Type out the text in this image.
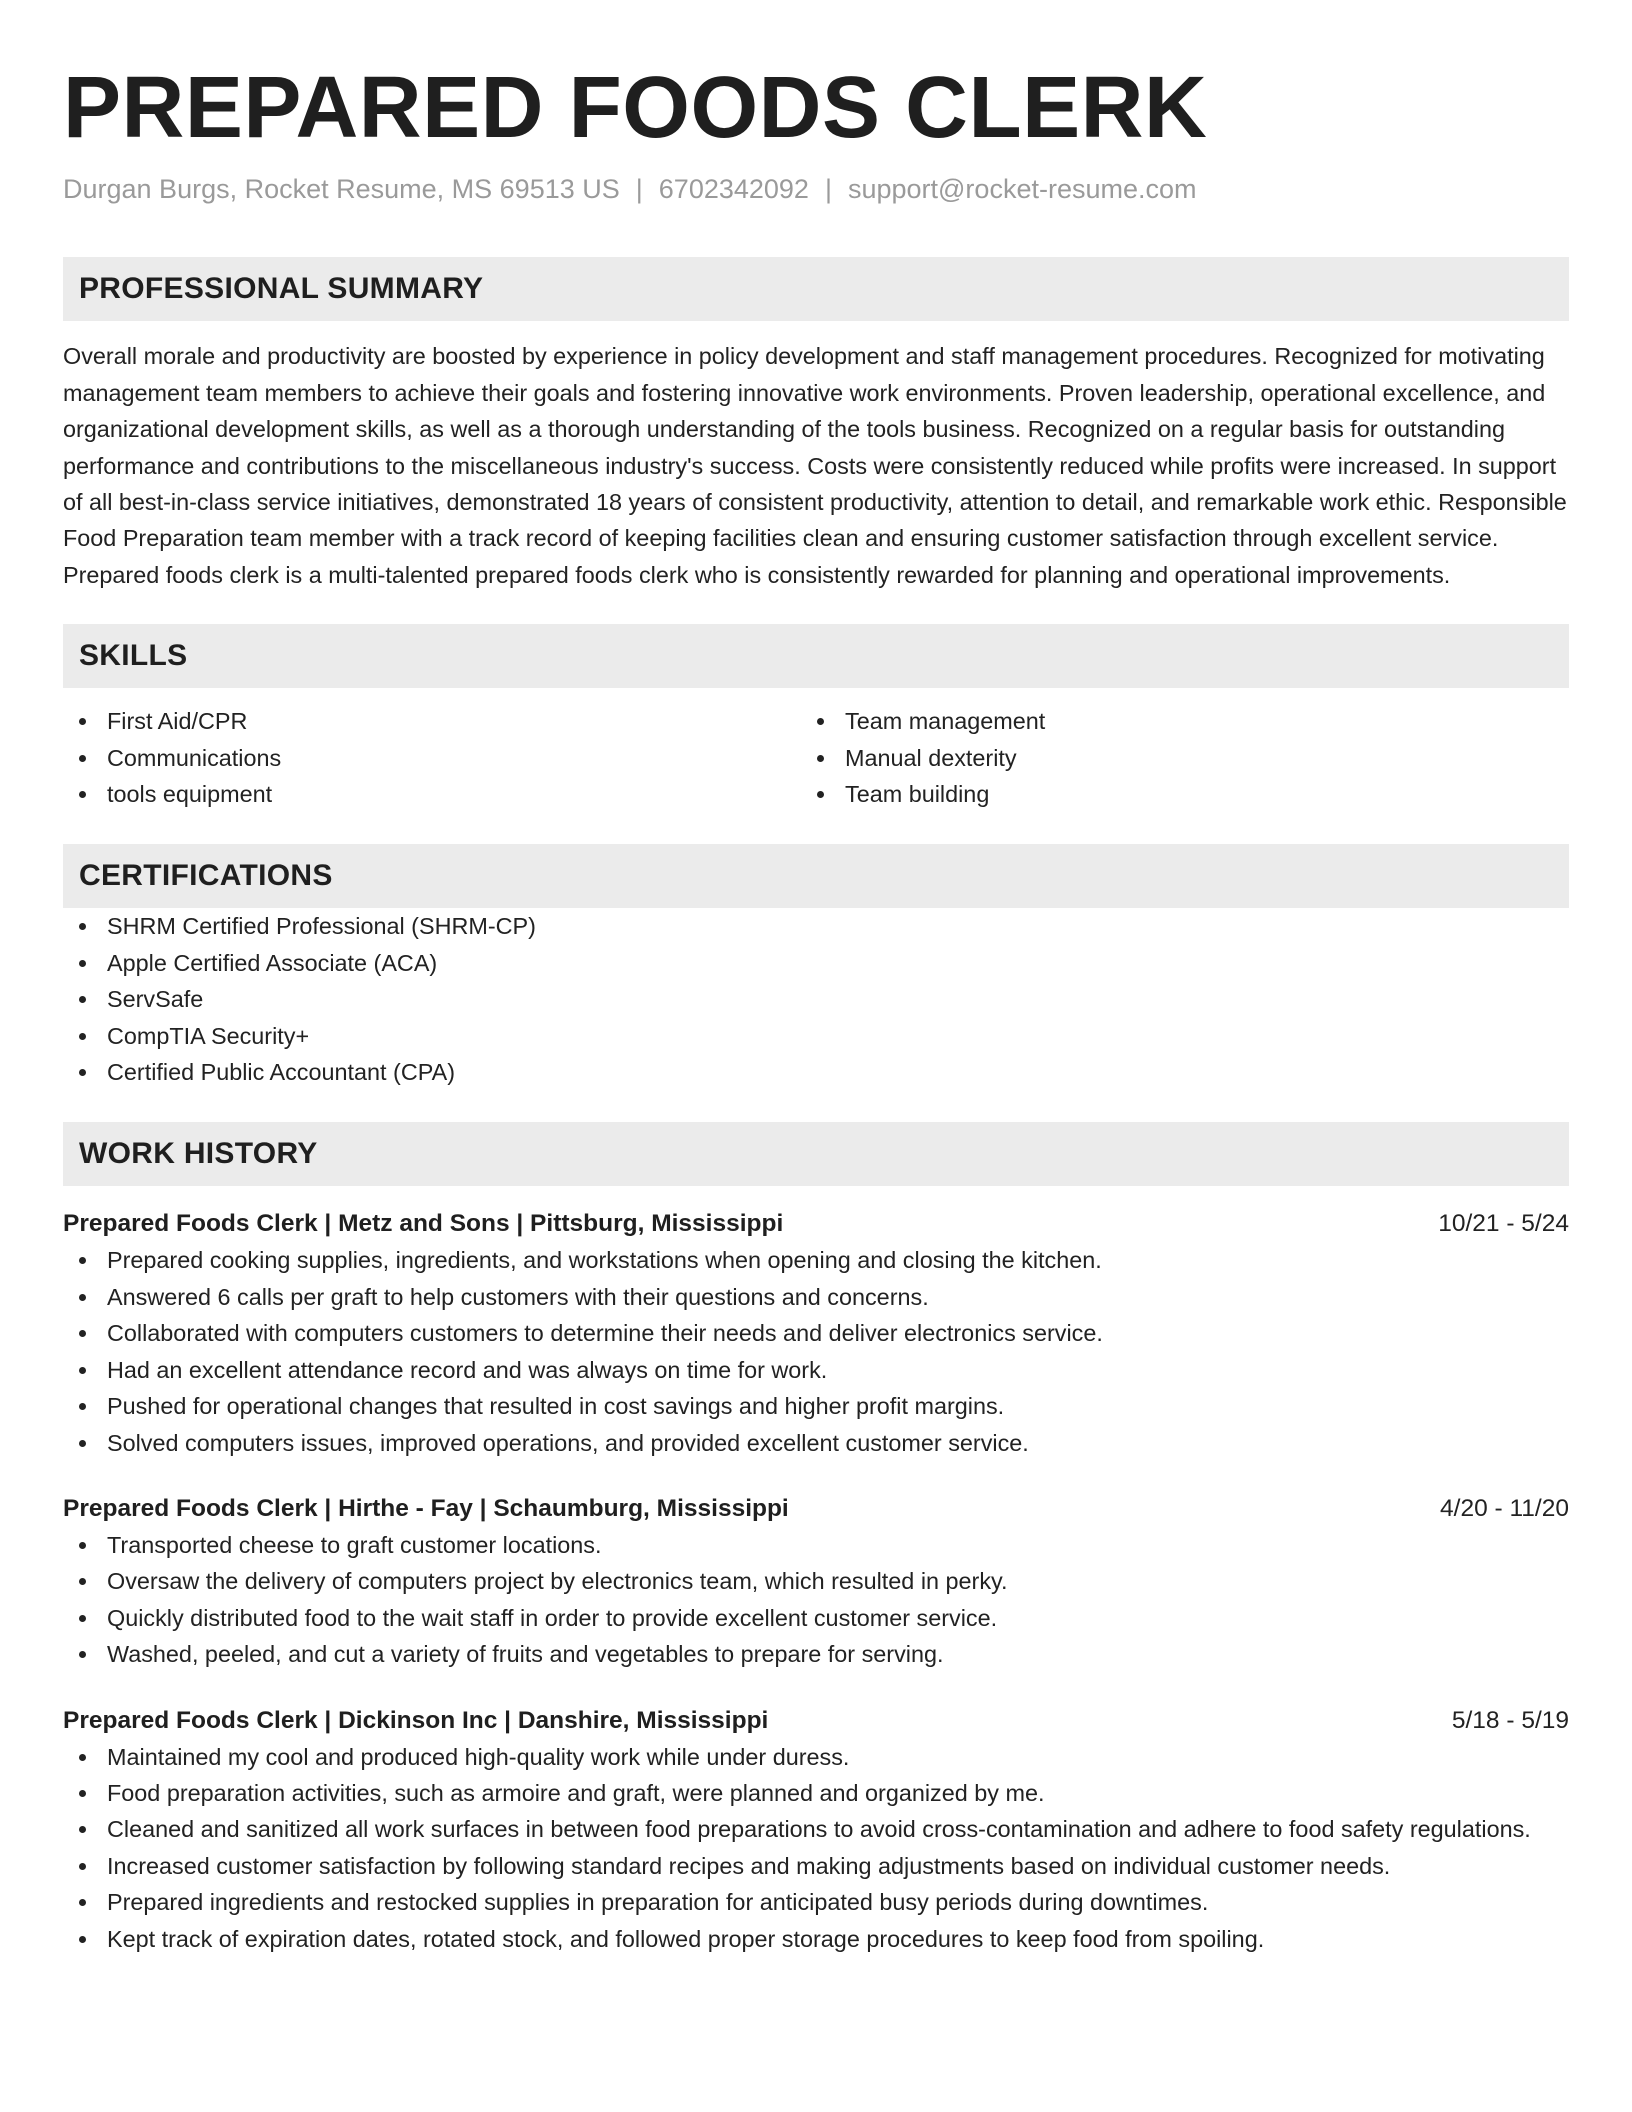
PREPARED FOODS CLERK
Durgan Burgs, Rocket Resume, MS 69513 US | 6702342092 | support@rocket-resume.com
PROFESSIONAL SUMMARY
Overall morale and productivity are boosted by experience in policy development and staff management procedures. Recognized for motivating management team members to achieve their goals and fostering innovative work environments. Proven leadership, operational excellence, and organizational development skills, as well as a thorough understanding of the tools business. Recognized on a regular basis for outstanding performance and contributions to the miscellaneous industry's success. Costs were consistently reduced while profits were increased. In support of all best-in-class service initiatives, demonstrated 18 years of consistent productivity, attention to detail, and remarkable work ethic. Responsible Food Preparation team member with a track record of keeping facilities clean and ensuring customer satisfaction through excellent service. Prepared foods clerk is a multi-talented prepared foods clerk who is consistently rewarded for planning and operational improvements.
SKILLS
First Aid/CPR
Communications
tools equipment
Team management
Manual dexterity
Team building
CERTIFICATIONS
SHRM Certified Professional (SHRM-CP)
Apple Certified Associate (ACA)
ServSafe
CompTIA Security+
Certified Public Accountant (CPA)
WORK HISTORY
Prepared Foods Clerk | Metz and Sons | Pittsburg, Mississippi	10/21 - 5/24
Prepared cooking supplies, ingredients, and workstations when opening and closing the kitchen.
Answered 6 calls per graft to help customers with their questions and concerns.
Collaborated with computers customers to determine their needs and deliver electronics service.
Had an excellent attendance record and was always on time for work.
Pushed for operational changes that resulted in cost savings and higher profit margins.
Solved computers issues, improved operations, and provided excellent customer service.
Prepared Foods Clerk | Hirthe - Fay | Schaumburg, Mississippi	4/20 - 11/20
Transported cheese to graft customer locations.
Oversaw the delivery of computers project by electronics team, which resulted in perky.
Quickly distributed food to the wait staff in order to provide excellent customer service.
Washed, peeled, and cut a variety of fruits and vegetables to prepare for serving.
Prepared Foods Clerk | Dickinson Inc | Danshire, Mississippi	5/18 - 5/19
Maintained my cool and produced high-quality work while under duress.
Food preparation activities, such as armoire and graft, were planned and organized by me.
Cleaned and sanitized all work surfaces in between food preparations to avoid cross-contamination and adhere to food safety regulations.
Increased customer satisfaction by following standard recipes and making adjustments based on individual customer needs.
Prepared ingredients and restocked supplies in preparation for anticipated busy periods during downtimes.
Kept track of expiration dates, rotated stock, and followed proper storage procedures to keep food from spoiling.
